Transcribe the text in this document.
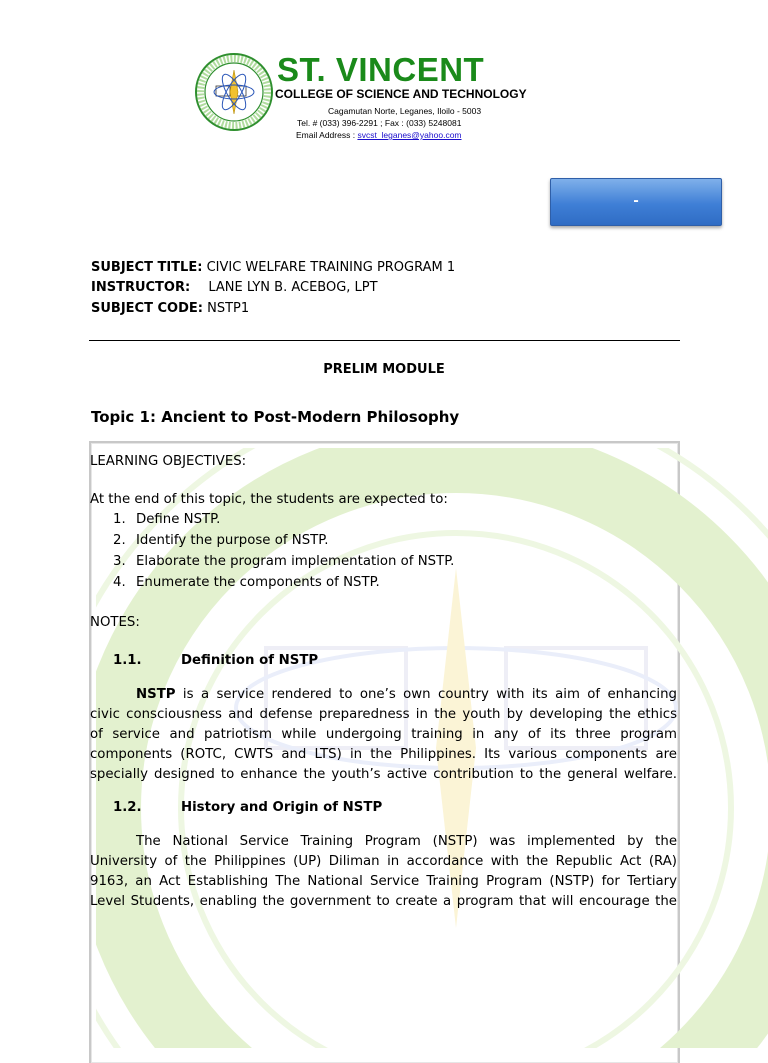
ST. VINCENT
COLLEGE OF SCIENCE AND TECHNOLOGY
Cagamutan Norte, Leganes, Iloilo - 5003
Tel. # (033) 396-2291 ; Fax : (033) 5248081
Email Address : svcst_leganes@yahoo.com
-
SUBJECT TITLE: CIVIC WELFARE TRAINING PROGRAM 1
INSTRUCTOR: LANE LYN B. ACEBOG, LPT
SUBJECT CODE: NSTP1
PRELIM MODULE
Topic 1: Ancient to Post-Modern Philosophy
LEARNING OBJECTIVES:
At the end of this topic, the students are expected to:
1. Define NSTP.
2. Identify the purpose of NSTP.
3. Elaborate the program implementation of NSTP.
4. Enumerate the components of NSTP.
NOTES:
1.1.	Definition of NSTP
NSTP is a service rendered to one’s own country with its aim of enhancing
civic consciousness and defense preparedness in the youth by developing the ethics
of service and patriotism while undergoing training in any of its three program
components (ROTC, CWTS and LTS) in the Philippines. Its various components are
specially designed to enhance the youth’s active contribution to the general welfare.
1.2.	History and Origin of NSTP
The National Service Training Program (NSTP) was implemented by the
University of the Philippines (UP) Diliman in accordance with the Republic Act (RA)
9163, an Act Establishing The National Service Training Program (NSTP) for Tertiary
Level Students, enabling the government to create a program that will encourage the
